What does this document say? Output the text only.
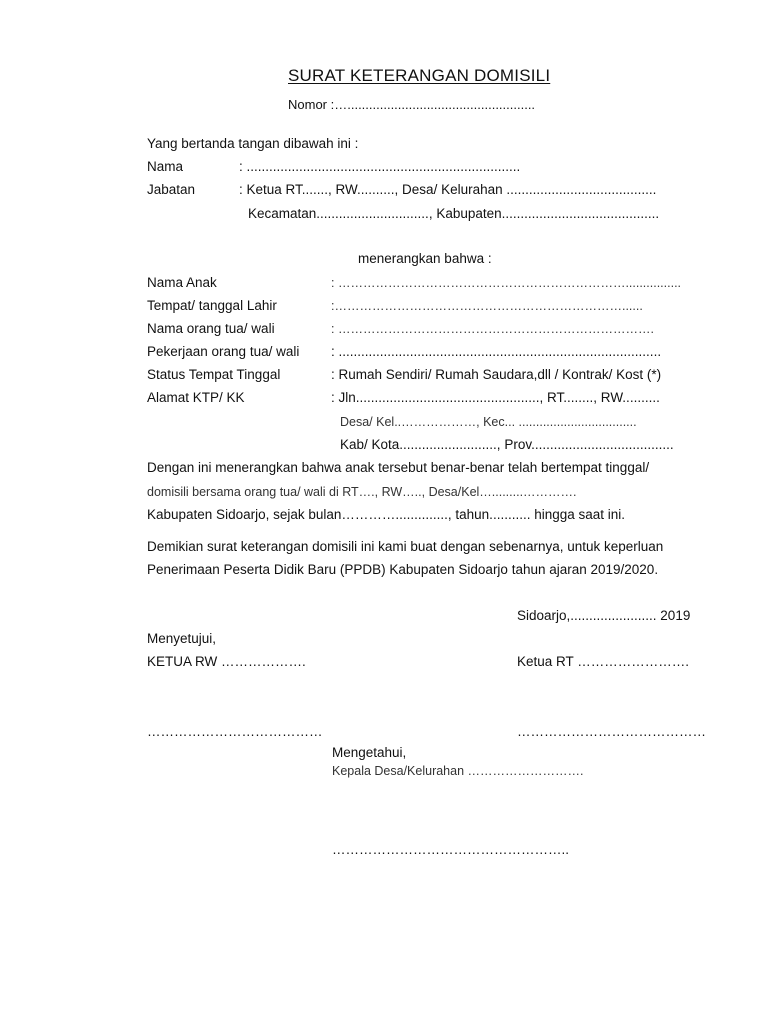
SURAT KETERANGAN DOMISILI
Nomor :…....................................................
Yang bertanda tangan dibawah ini :
Nama	: .........................................................................
Jabatan	: Ketua RT......., RW.........., Desa/ Kelurahan ........................................
Kecamatan.............................., Kabupaten..........................................
menerangkan bahwa :
Nama Anak	: ……………………………………………………………................
Tempat/ tanggal Lahir	:……………………………………………………………......
Nama orang tua/ wali	: ………………………………………………………………….
Pekerjaan orang tua/ wali : ......................................................................................
Status Tempat Tinggal	: Rumah Sendiri/ Rumah Saudara,dll / Kontrak/ Kost (*)
Alamat KTP/ KK	: Jln................................................., RT........, RW..........
Desa/ Kel..………………, Kec... ..................................
Kab/ Kota.........................., Prov......................................
Dengan ini menerangkan bahwa anak tersebut benar-benar telah bertempat tinggal/
domisili bersama orang tua/ wali di RT…., RW….., Desa/Kel….........………….
Kabupaten Sidoarjo, sejak bulan………….............., tahun........... hingga saat ini.
Demikian surat keterangan domisili ini kami buat dengan sebenarnya, untuk keperluan
Penerimaan Peserta Didik Baru (PPDB) Kabupaten Sidoarjo tahun ajaran 2019/2020.
Sidoarjo,....................... 2019
Menyetujui,
KETUA RW ……………….	Ketua RT …………………….
…………………………………	……………………………………
Mengetahui,
Kepala Desa/Kelurahan ……………………….
……………………………………………..
